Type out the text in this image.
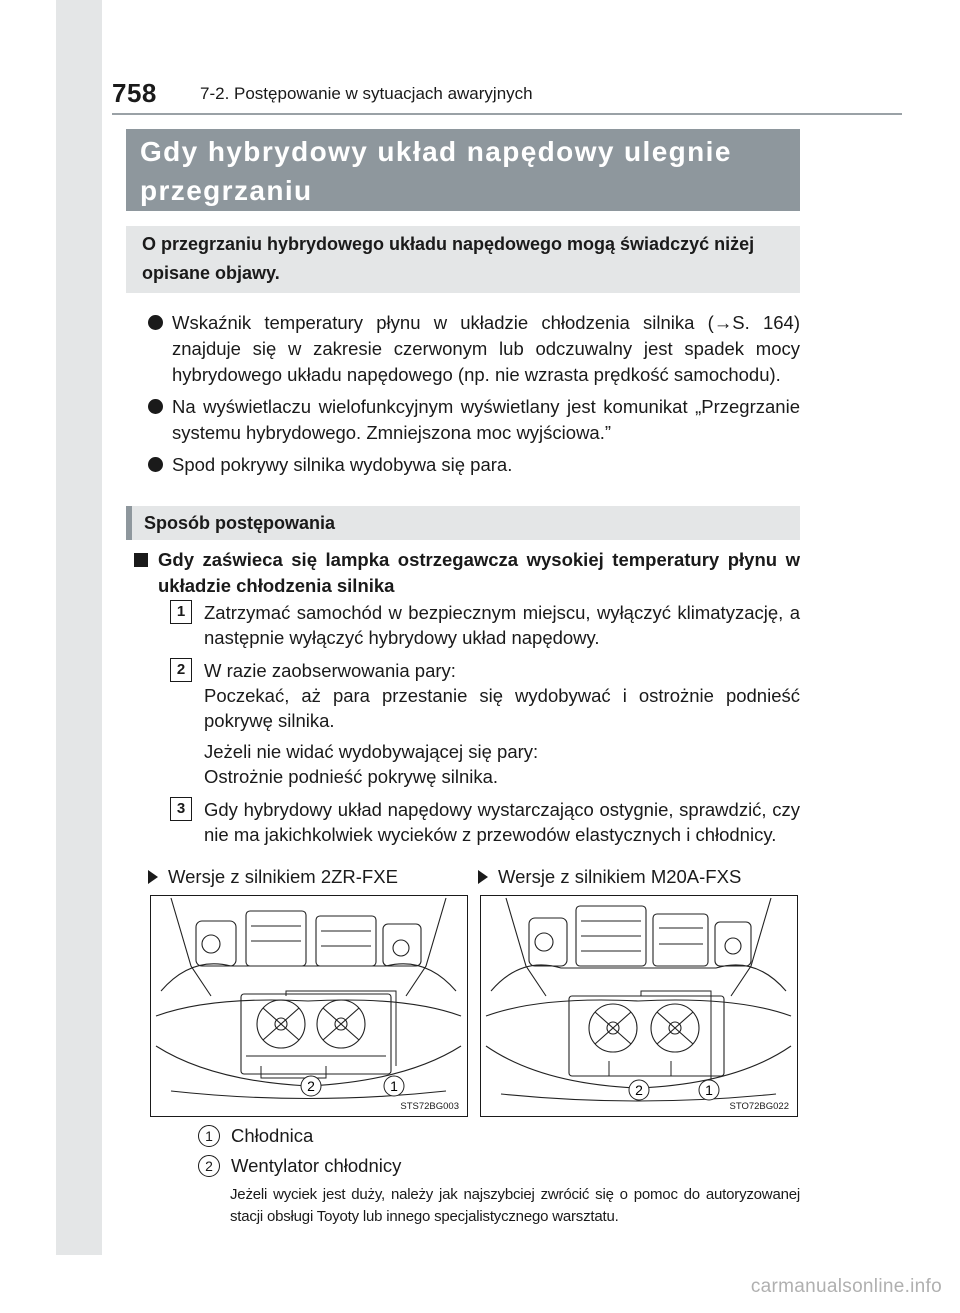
758	7-2. Postępowanie w sytuacjach awaryjnych
Gdy hybrydowy układ napędowy ulegnie
przegrzaniu
O przegrzaniu hybrydowego układu napędowego mogą świadczyć niżej opisane objawy.
Wskaźnik temperatury płynu w układzie chłodzenia silnika (→S. 164) znajduje się w zakresie czerwonym lub odczuwalny jest spadek mocy hybrydowego układu napędowego (np. nie wzrasta prędkość samochodu).
Na wyświetlaczu wielofunkcyjnym wyświetlany jest komunikat „Przegrzanie systemu hybrydowego. Zmniejszona moc wyjściowa.”
Spod pokrywy silnika wydobywa się para.
Sposób postępowania
Gdy zaświeca się lampka ostrzegawcza wysokiej temperatury płynu w układzie chłodzenia silnika
1	Zatrzymać samochód w bezpiecznym miejscu, wyłączyć klimatyzację, a następnie wyłączyć hybrydowy układ napędowy.

2	W razie zaobserwowania pary:
Poczekać, aż para przestanie się wydobywać i ostrożnie podnieść pokrywę silnika.

Jeżeli nie widać wydobywającej się pary:
Ostrożnie podnieść pokrywę silnika.

3	Gdy hybrydowy układ napędowy wystarczająco ostygnie, sprawdzić, czy nie ma jakichkolwiek wycieków z przewodów elastycznych i chłodnicy.

Wersje z silnikiem 2ZR-FXE	Wersje z silnikiem M20A-FXS
2	1
STS72BG003
2	1
STO72BG022
1 Chłodnica
2 Wentylator chłodnicy
Jeżeli wyciek jest duży, należy jak najszybciej zwrócić się o pomoc do autoryzowanej stacji obsługi Toyoty lub innego specjalistycznego warsztatu.
carmanualsonline.info
